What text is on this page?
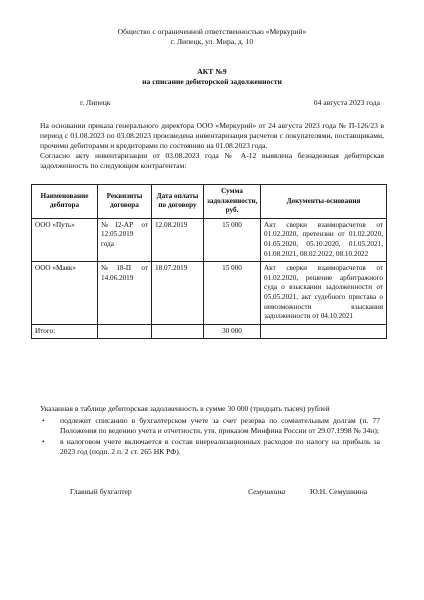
Общество с ограниченной ответственностью «Меркурий»
г. Липецк, ул. Мира, д. 10
АКТ №9
на списание дебиторской задолженности
г. Липецк	04 августа 2023 года
На основании приказа генерального директора ООО «Меркурий» от 24 августа 2023 года № П-126/23 в период с 01.08.2023 по 03.08.2023 произведена инвентаризация расчетов с покупателями, поставщиками, прочими дебиторами и кредиторами по состоянию на 01.08.2023 года.
Согласно акту инвентаризации от 03.08.2023 года № А-12 выявлена безнадежная дебиторская задолженность по следующим контрагентам:
Наименование дебитора	Реквизиты договора	Дата оплаты по договору	Сумма задолженности, руб.	Документы-основания
ООО «Путь»	№12-АР от 12.05.2019 года	12.08.2019	15 000	Акт сверки взаиморасчетов от 01.02.2020, претензии от 01.02.2020, 01.05.2020, 05.10.2020, 01.05.2021, 01.08.2021, 08.02.2022, 08.10.2022
ООО «Маяк»	№18-П от 14.06.2019	18.07.2019	15 000	Акт сверки взаиморасчетов от 01.02.2020, решение арбитражного суда о взыскании задолженности от 05.05.2021, акт судебного пристава о невозможности взыскания задолженности от 04.10.2021
Итого:			30 000	
Указанная в таблице дебиторская задолженность в сумме 30 000 (тридцать тысяч) рублей
• подлежит списанию в бухгалтерском учете за счет резерва по сомнительным долгам (п. 77 Положения по ведению учета и отчетности, утв. приказом Минфина России от 29.07.1998 № 34н);
• в налоговом учете включается в состав внереализационных расходов по налогу на прибыль за 2023 год (подп. 2 п. 2 ст. 265 НК РФ).
Главный бухгалтер	Семушкина	Ю.Н. Семушкина
